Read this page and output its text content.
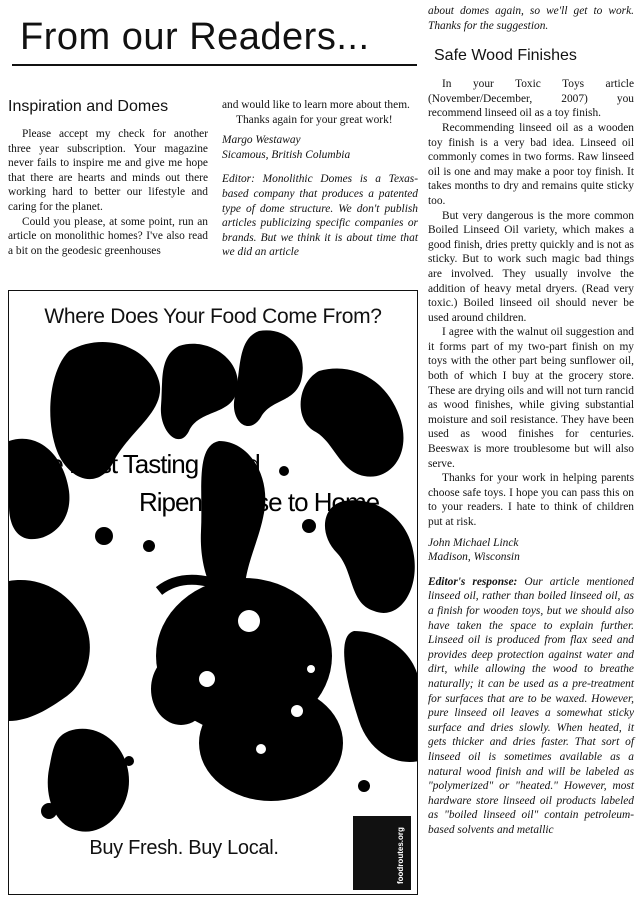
From our Readers...
Inspiration and Domes

Please accept my check for another three year subscription. Your magazine never fails to inspire me and give me hope that there are hearts and minds out there working hard to better our lifestyle and caring for the planet.

Could you please, at some point, run an article on monolithic homes? I've also read a bit on the geodesic greenhouses

and would like to learn more about them.

Thanks again for your great work!

Margo Westaway

Sicamous, British Columbia

Editor: Monolithic Domes is a Texas-based company that produces a patented type of dome structure. We don't publish articles publicizing specific companies or brands. But we think it is about time that we did an article

about domes again, so we'll get to work. Thanks for the suggestion.

Safe Wood Finishes

In your Toxic Toys article (November/December, 2007) you recommend linseed oil as a toy finish.

Recommending linseed oil as a wooden toy finish is a very bad idea. Linseed oil commonly comes in two forms. Raw linseed oil is one and may make a poor toy finish. It takes months to dry and remains quite sticky too.

But very dangerous is the more common Boiled Linseed Oil variety, which makes a good finish, dries pretty quickly and is not as sticky. But to work such magic bad things are involved. They usually involve the addition of heavy metal dryers. (Read very toxic.) Boiled linseed oil should never be used around children.

I agree with the walnut oil suggestion and it forms part of my two-part finish on my toys with the other part being sunflower oil, both of which I buy at the grocery store. These are drying oils and will not turn rancid as wood finishes, while giving substantial moisture and soil resistance. They have been used as wood finishes for centuries. Beeswax is more troublesome but will also serve.

Thanks for your work in helping parents choose safe toys. I hope you can pass this on to your readers. I hate to think of children put at risk.

John Michael Linck

Madison, Wisconsin

Editor's response: Our article mentioned linseed oil, rather than boiled linseed oil, as a finish for wooden toys, but we should also have taken the space to explain further. Linseed oil is produced from flax seed and provides deep protection against water and dirt, while allowing the wood to breathe naturally; it can be used as a pre-treatment for surfaces that are to be waxed. However, pure linseed oil leaves a somewhat sticky surface and dries slowly. When heated, it gets thicker and dries faster. That sort of linseed oil is sometimes available as a natural wood finish and will be labeled as "polymerized" or "heated." However, most hardware store linseed oil products labeled as "boiled linseed oil" contain petroleum-based solvents and metallic

Where Does Your Food Come From?
The Best Tasting Food
Ripens Close to Home
Buy Fresh. Buy Local.	foodroutes.org
